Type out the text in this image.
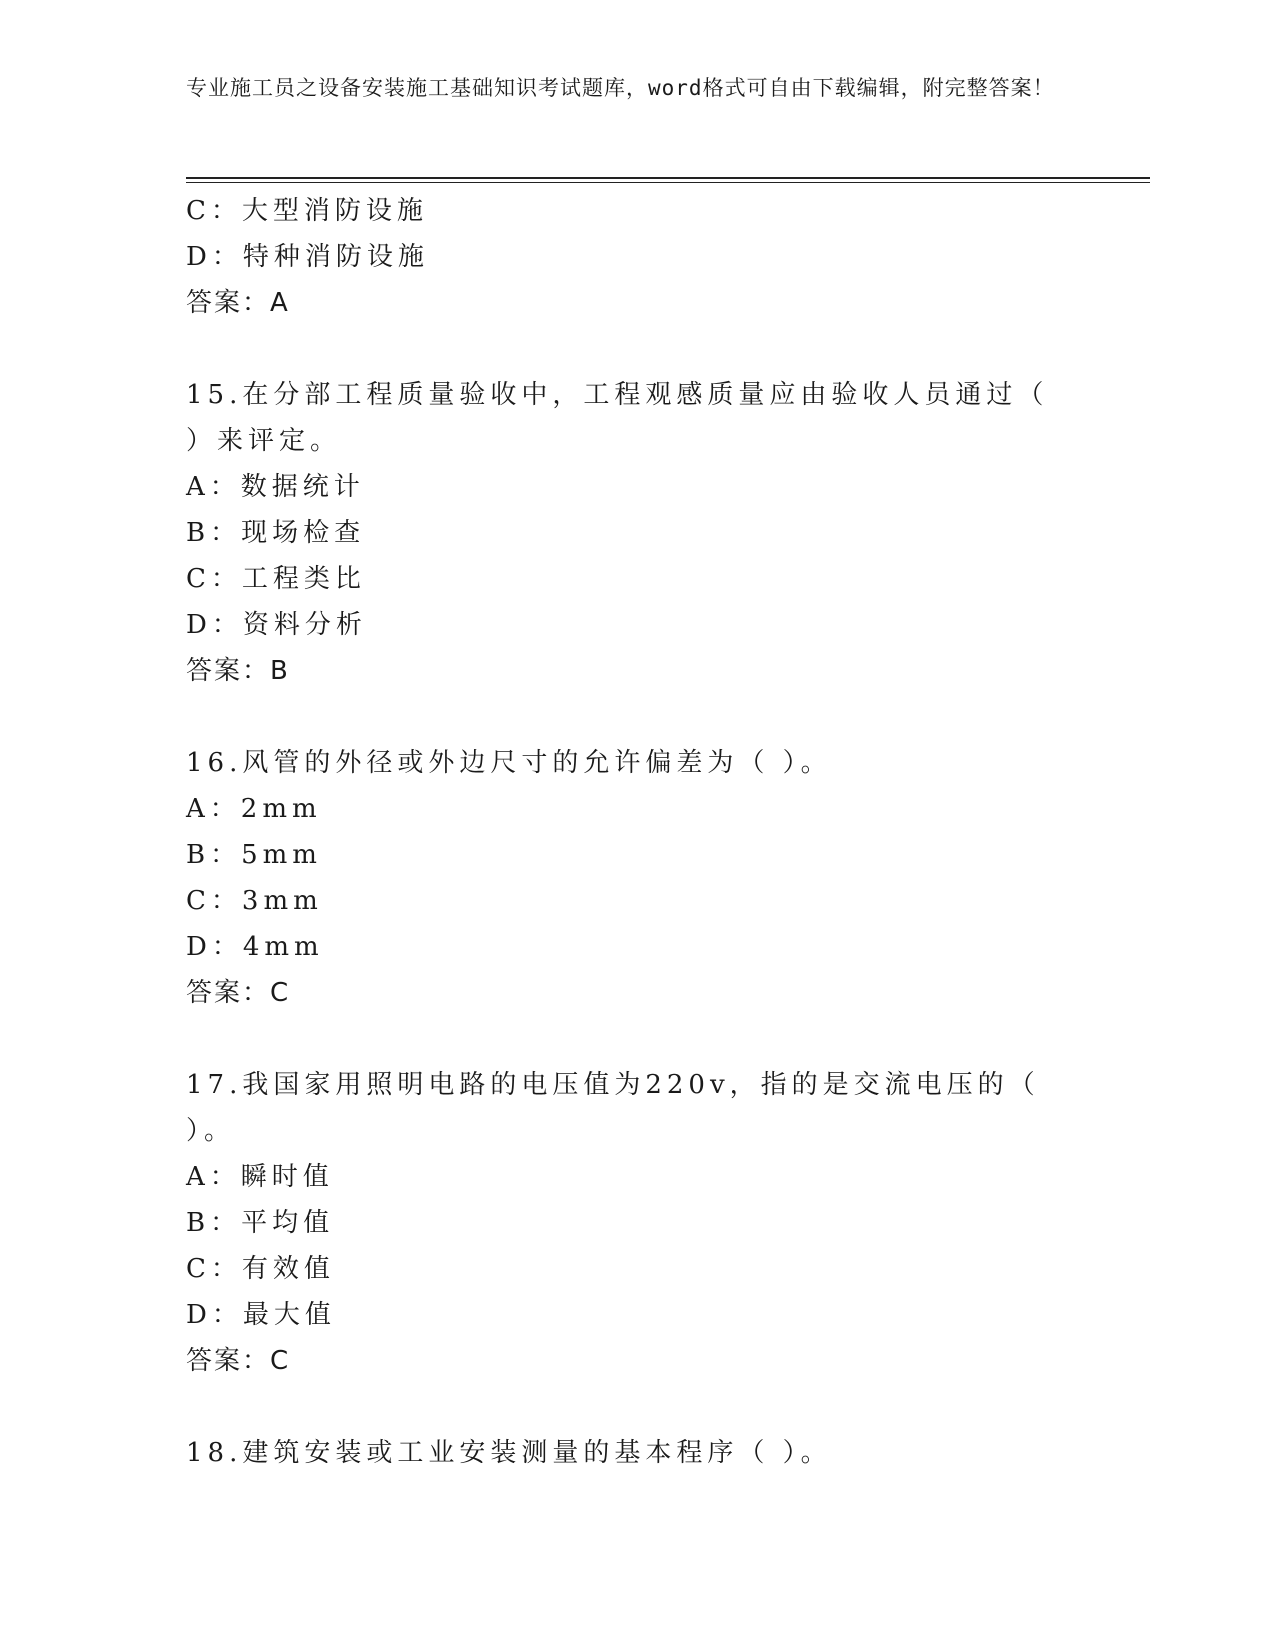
专业施工员之设备安装施工基础知识考试题库，word格式可自由下载编辑，附完整答案！
C：大型消防设施
D：特种消防设施
答案：A
15.在分部工程质量验收中，工程观感质量应由验收人员通过（ ）来评定。
A：数据统计
B：现场检查
C：工程类比
D：资料分析
答案：B
16.风管的外径或外边尺寸的允许偏差为（ ）。
A：2mm
B：5mm
C：3mm
D：4mm
答案：C
17.我国家用照明电路的电压值为220v，指的是交流电压的（ ）。
A：瞬时值
B：平均值
C：有效值
D：最大值
答案：C
18.建筑安装或工业安装测量的基本程序（ ）。
